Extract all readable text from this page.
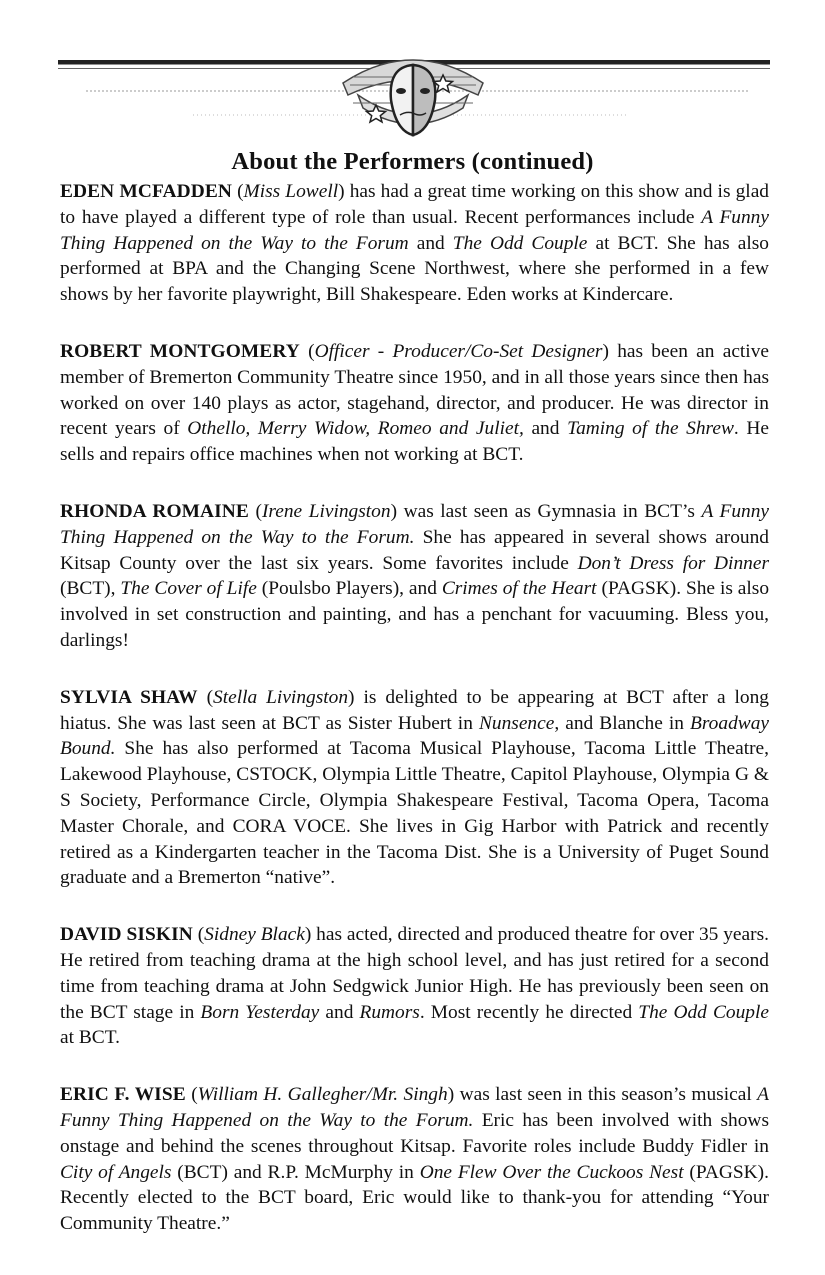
About the Performers (continued)

EDEN MCFADDEN (Miss Lowell) has had a great time working on this show and is glad to have played a different type of role than usual. Recent performances include A Funny Thing Happened on the Way to the Forum and The Odd Couple at BCT. She has also performed at BPA and the Changing Scene Northwest, where she performed in a few shows by her favorite playwright, Bill Shakespeare. Eden works at Kindercare.

ROBERT MONTGOMERY (Officer - Producer/Co-Set Designer) has been an active member of Bremerton Community Theatre since 1950, and in all those years since then has worked on over 140 plays as actor, stagehand, director, and producer. He was director in recent years of Othello, Merry Widow, Romeo and Juliet, and Taming of the Shrew. He sells and repairs office machines when not working at BCT.

RHONDA ROMAINE (Irene Livingston) was last seen as Gymnasia in BCT’s A Funny Thing Happened on the Way to the Forum. She has appeared in several shows around Kitsap County over the last six years. Some favorites include Don’t Dress for Dinner (BCT), The Cover of Life (Poulsbo Players), and Crimes of the Heart (PAGSK). She is also involved in set construction and painting, and has a penchant for vacuuming. Bless you, darlings!

SYLVIA SHAW (Stella Livingston) is delighted to be appearing at BCT after a long hiatus. She was last seen at BCT as Sister Hubert in Nunsence, and Blanche in Broadway Bound. She has also performed at Tacoma Musical Playhouse, Tacoma Little Theatre, Lakewood Playhouse, CSTOCK, Olympia Little Theatre, Capitol Playhouse, Olympia G & S Society, Performance Circle, Olympia Shakespeare Festival, Tacoma Opera, Tacoma Master Chorale, and CORA VOCE. She lives in Gig Harbor with Patrick and recently retired as a Kindergarten teacher in the Tacoma Dist. She is a University of Puget Sound graduate and a Bremerton “native”.

DAVID SISKIN (Sidney Black) has acted, directed and produced theatre for over 35 years. He retired from teaching drama at the high school level, and has just retired for a second time from teaching drama at John Sedgwick Junior High. He has previously been seen on the BCT stage in Born Yesterday and Rumors. Most recently he directed The Odd Couple at BCT.

ERIC F. WISE (William H. Gallegher/Mr. Singh) was last seen in this season’s musical A Funny Thing Happened on the Way to the Forum. Eric has been involved with shows onstage and behind the scenes throughout Kitsap. Favorite roles include Buddy Fidler in City of Angels (BCT) and R.P. McMurphy in One Flew Over the Cuckoos Nest (PAGSK). Recently elected to the BCT board, Eric would like to thank-you for attending “Your Community Theatre.”
